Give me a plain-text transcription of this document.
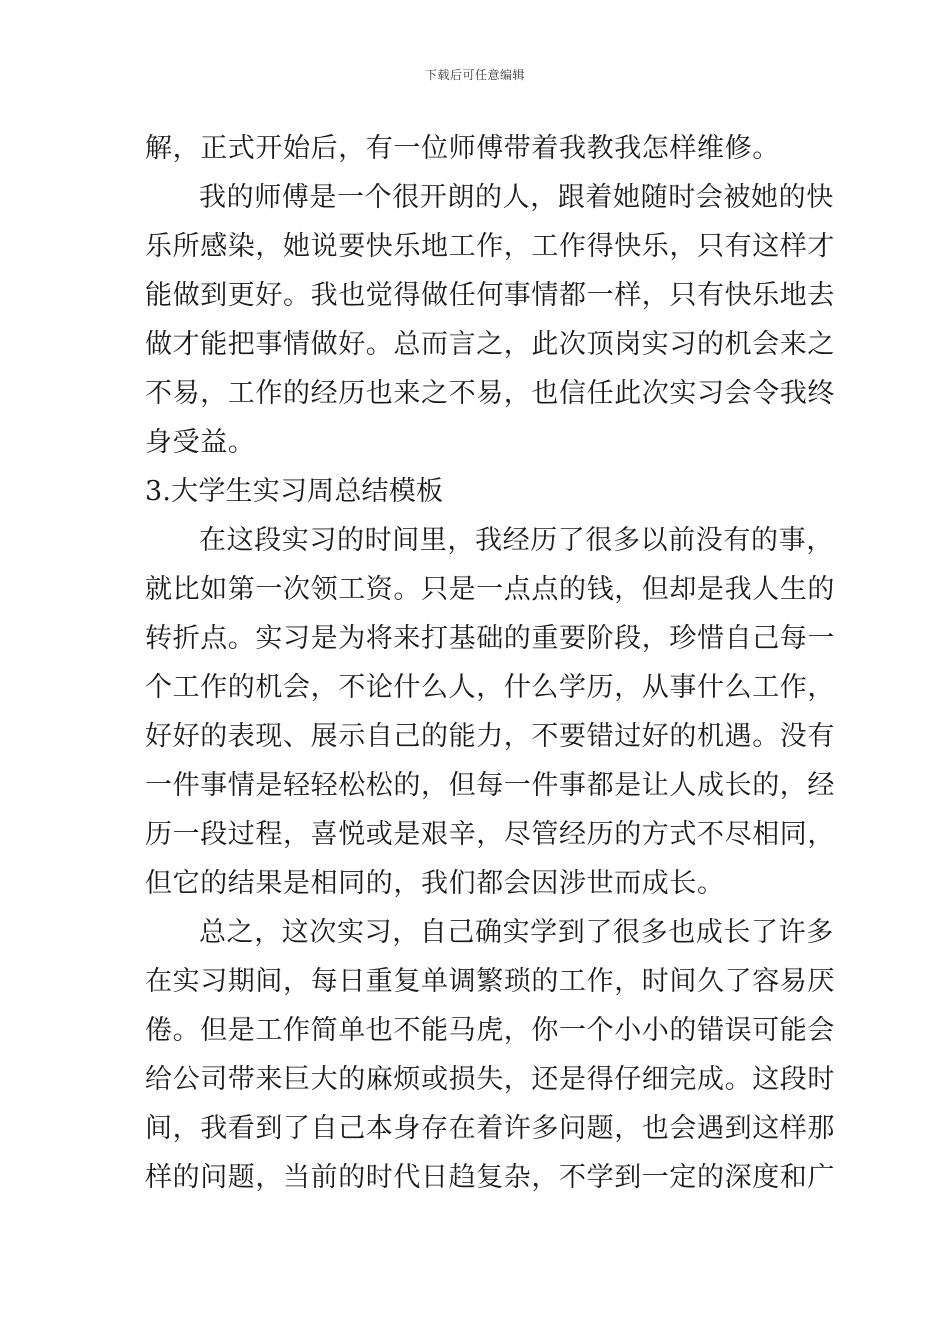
下载后可任意编辑
解，正式开始后，有一位师傅带着我教我怎样维修。
我的师傅是一个很开朗的人，跟着她随时会被她的快
乐所感染，她说要快乐地工作，工作得快乐，只有这样才
能做到更好。我也觉得做任何事情都一样，只有快乐地去
做才能把事情做好。总而言之，此次顶岗实习的机会来之
不易，工作的经历也来之不易，也信任此次实习会令我终
身受益。
3.大学生实习周总结模板
在这段实习的时间里，我经历了很多以前没有的事，
就比如第一次领工资。只是一点点的钱，但却是我人生的
转折点。实习是为将来打基础的重要阶段，珍惜自己每一
个工作的机会，不论什么人，什么学历，从事什么工作，
好好的表现、展示自己的能力，不要错过好的机遇。没有
一件事情是轻轻松松的，但每一件事都是让人成长的，经
历一段过程，喜悦或是艰辛，尽管经历的方式不尽相同，
但它的结果是相同的，我们都会因涉世而成长。
总之，这次实习，自己确实学到了很多也成长了许多
在实习期间，每日重复单调繁琐的工作，时间久了容易厌
倦。但是工作简单也不能马虎，你一个小小的错误可能会
给公司带来巨大的麻烦或损失，还是得仔细完成。这段时
间，我看到了自己本身存在着许多问题，也会遇到这样那
样的问题，当前的时代日趋复杂，不学到一定的深度和广
